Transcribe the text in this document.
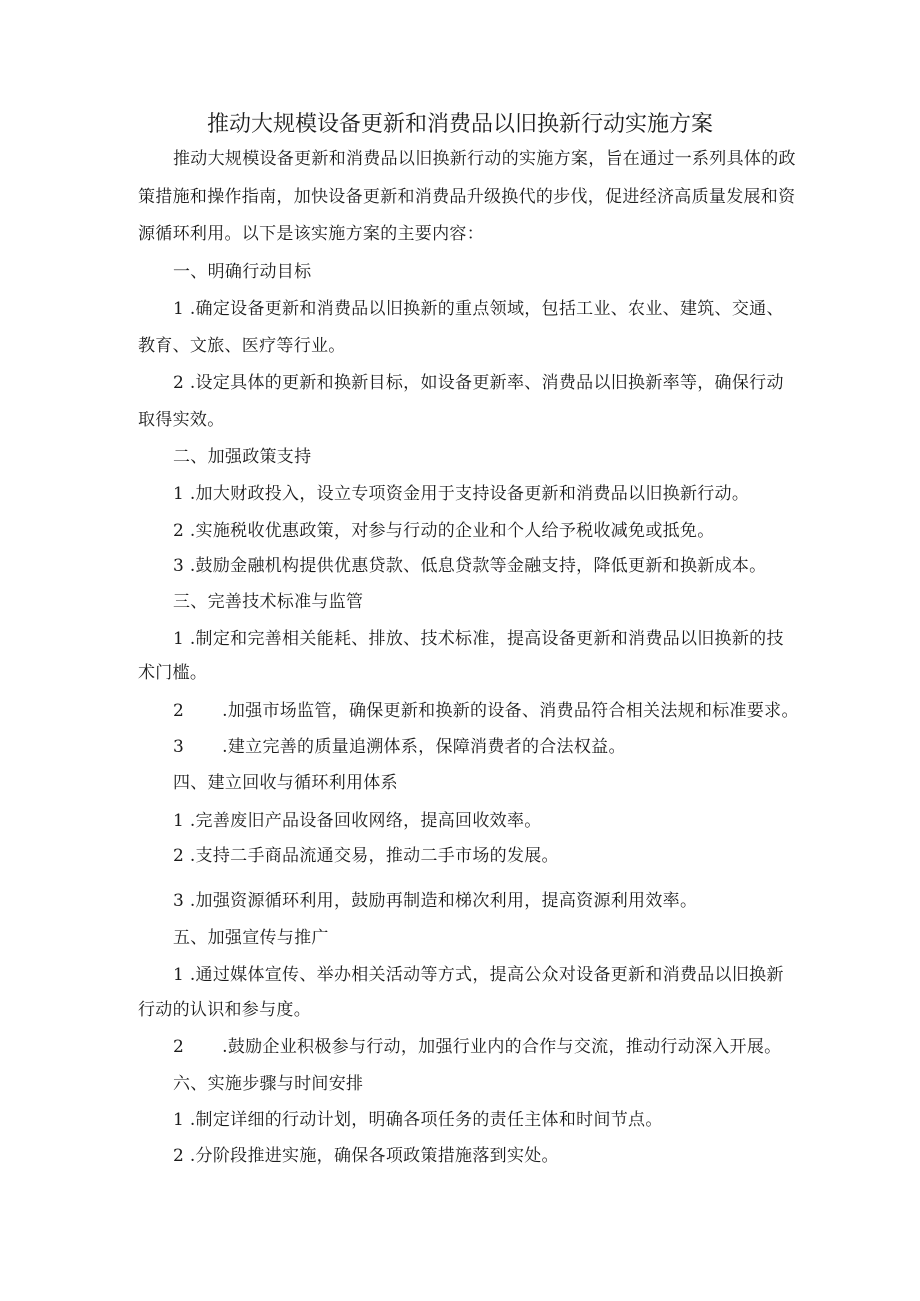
推动大规模设备更新和消费品以旧换新行动实施方案
推动大规模设备更新和消费品以旧换新行动的实施方案，旨在通过一系列具体的政
策措施和操作指南，加快设备更新和消费品升级换代的步伐，促进经济高质量发展和资
源循环利用。以下是该实施方案的主要内容：
一、明确行动目标
1 .确定设备更新和消费品以旧换新的重点领域，包括工业、农业、建筑、交通、
教育、文旅、医疗等行业。
2 .设定具体的更新和换新目标，如设备更新率、消费品以旧换新率等，确保行动
取得实效。
二、加强政策支持
1 .加大财政投入，设立专项资金用于支持设备更新和消费品以旧换新行动。
2 .实施税收优惠政策，对参与行动的企业和个人给予税收减免或抵免。
3 .鼓励金融机构提供优惠贷款、低息贷款等金融支持，降低更新和换新成本。
三、完善技术标准与监管
1 .制定和完善相关能耗、排放、技术标准，提高设备更新和消费品以旧换新的技
术门槛。
2 .加强市场监管，确保更新和换新的设备、消费品符合相关法规和标准要求。
3 .建立完善的质量追溯体系，保障消费者的合法权益。
四、建立回收与循环利用体系
1 .完善废旧产品设备回收网络，提高回收效率。
2 .支持二手商品流通交易，推动二手市场的发展。
3 .加强资源循环利用，鼓励再制造和梯次利用，提高资源利用效率。
五、加强宣传与推广
1 .通过媒体宣传、举办相关活动等方式，提高公众对设备更新和消费品以旧换新
行动的认识和参与度。
2 .鼓励企业积极参与行动，加强行业内的合作与交流，推动行动深入开展。
六、实施步骤与时间安排
1 .制定详细的行动计划，明确各项任务的责任主体和时间节点。
2 .分阶段推进实施，确保各项政策措施落到实处。
